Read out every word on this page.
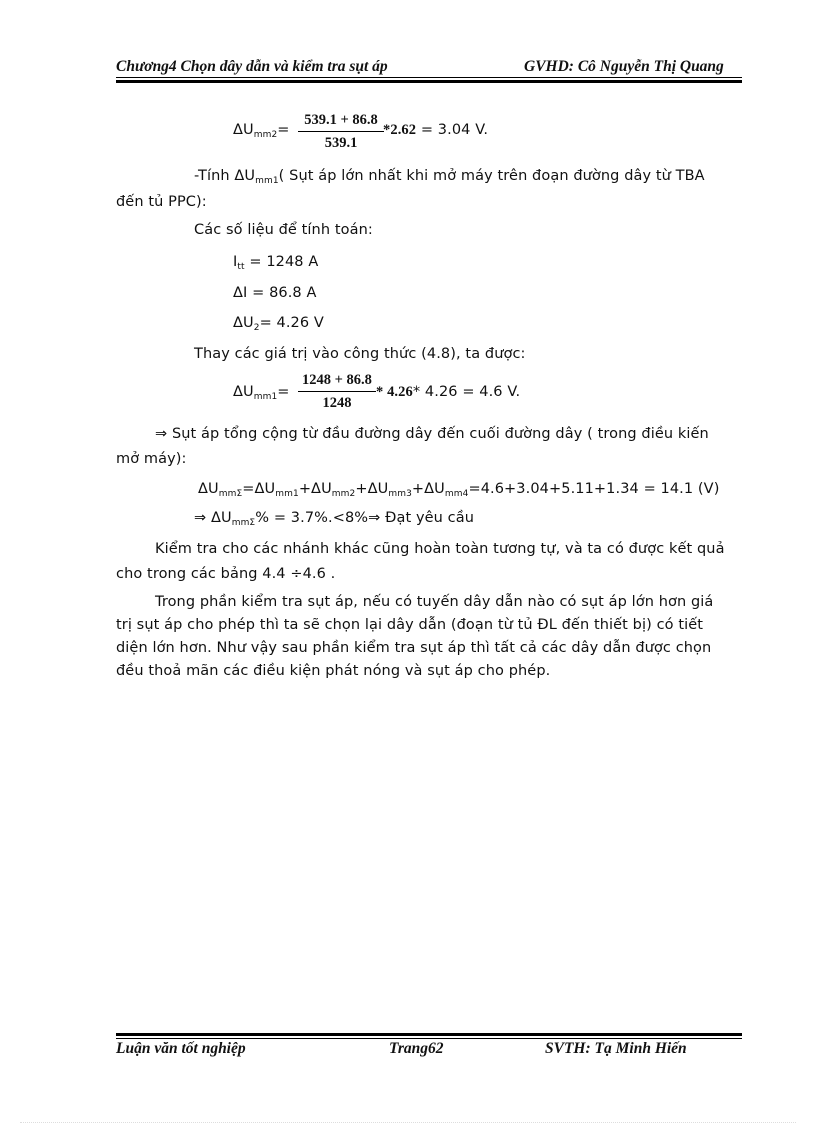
Chương4 Chọn dây dẫn và kiểm tra sụt áp	GVHD: Cô Nguyễn Thị Quang
$\Delta U_{mm2}=$
539.1 + 86.8
539.1
*2.62 = 3.04 V.
-Tính $\Delta U_{mm1}$( Sụt áp lớn nhất khi mở máy trên đoạn đường dây từ TBA
đến tủ PPC):
Các số liệu để tính toán:
$I_{tt} = 1248$ A
ΔI = 86.8 A
$\Delta U_2= 4.26$ V
Thay các giá trị vào công thức (4.8), ta được:
$\Delta U_{mm1}=$
1248 + 86.8
1248
* 4.26* 4.26 = 4.6 V.
⇒ Sụt áp tổng cộng từ đầu đường dây đến cuối đường dây ( trong điều kiến
mở máy):
$\Delta U_{mm\Sigma}=\Delta U_{mm1}+\Delta U_{mm2}+\Delta U_{mm3}+\Delta U_{mm4}=4.6+3.04+5.11+1.34 = 14.1$ (V)
⇒ $\Delta U_{mm\Sigma}\%$ = 3.7%.<8%⇒ Đạt yêu cầu
Kiểm tra cho các nhánh khác cũng hoàn toàn tương tự, và ta có được kết quả
cho trong các bảng 4.4 ÷4.6 .
Trong phần kiểm tra sụt áp, nếu có tuyến dây dẫn nào có sụt áp lớn hơn giá
trị sụt áp cho phép thì ta sẽ chọn lại dây dẫn (đoạn từ tủ ĐL đến thiết bị) có tiết
diện lớn hơn. Như vậy sau phần kiểm tra sụt áp thì tất cả các dây dẫn được chọn
đều thoả mãn các điều kiện phát nóng và sụt áp cho phép.
Luận văn tốt nghiệp	Trang62	SVTH: Tạ Minh Hiến
